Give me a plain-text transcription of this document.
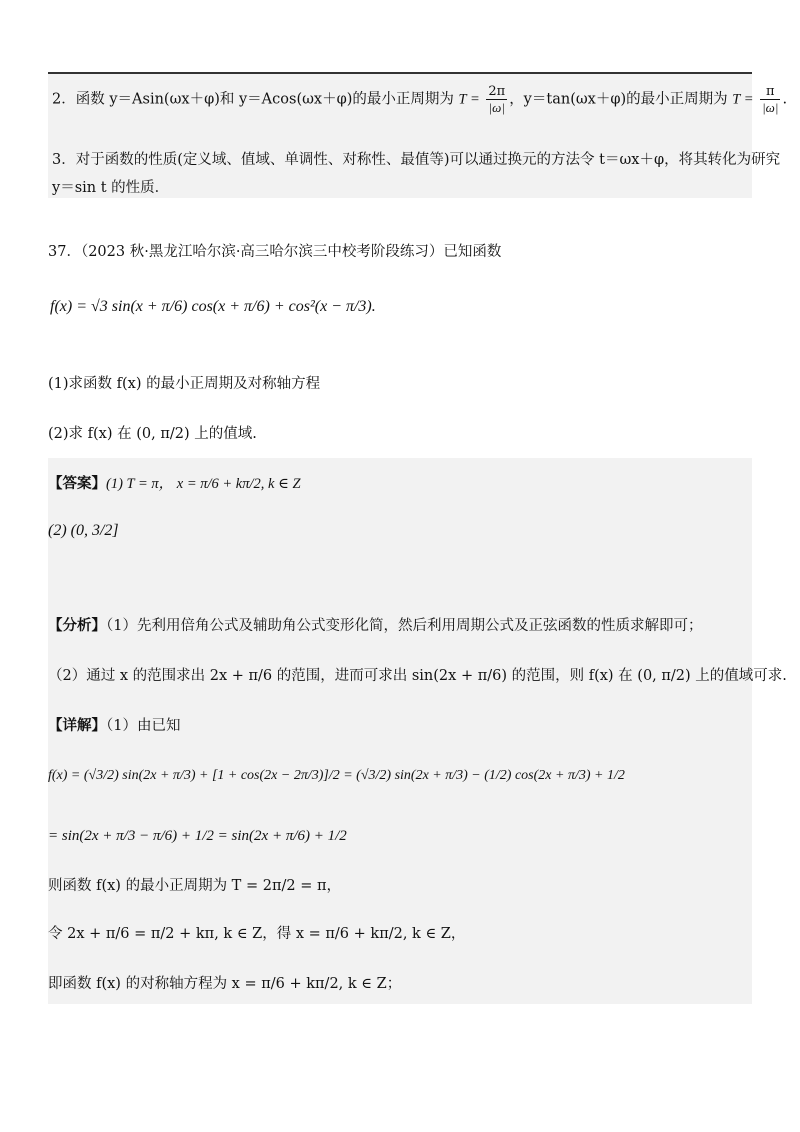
2．函数 y＝Asin(ωx＋φ)和 y＝Acos(ωx＋φ)的最小正周期为 $T = \frac{2\pi}{|\omega|}$ ，y＝tan(ωx＋φ)的最小正周期为 $T = \frac{\pi}{|\omega|}$ .
3．对于函数的性质(定义域、值域、单调性、对称性、最值等)可以通过换元的方法令 t＝ωx＋φ，将其转化为研究
y＝sin t 的性质．
37．（2023 秋·黑龙江哈尔滨·高三哈尔滨三中校考阶段练习）已知函数
f(x) = √3 sin(x + π/6) cos(x + π/6) + cos²(x − π/3).
(1)求函数 f(x) 的最小正周期及对称轴方程
(2)求 f(x) 在 (0, π/2) 上的值域.
【答案】(1) T = π， x = π/6 + kπ/2, k ∈ Z
(2) (0, 3/2]
【分析】（1）先利用倍角公式及辅助角公式变形化简，然后利用周期公式及正弦函数的性质求解即可；
（2）通过 x 的范围求出 2x + π/6 的范围，进而可求出 sin(2x + π/6) 的范围，则 f(x) 在 (0, π/2) 上的值域可求.
【详解】（1）由已知
f(x) = (√3/2) sin(2x + π/3) + [1 + cos(2x − 2π/3)]/2 = (√3/2) sin(2x + π/3) − (1/2) cos(2x + π/3) + 1/2
= sin(2x + π/3 − π/6) + 1/2 = sin(2x + π/6) + 1/2
则函数 f(x) 的最小正周期为 T = 2π/2 = π，
令 2x + π/6 = π/2 + kπ, k ∈ Z，得 x = π/6 + kπ/2, k ∈ Z，
即函数 f(x) 的对称轴方程为 x = π/6 + kπ/2, k ∈ Z；
